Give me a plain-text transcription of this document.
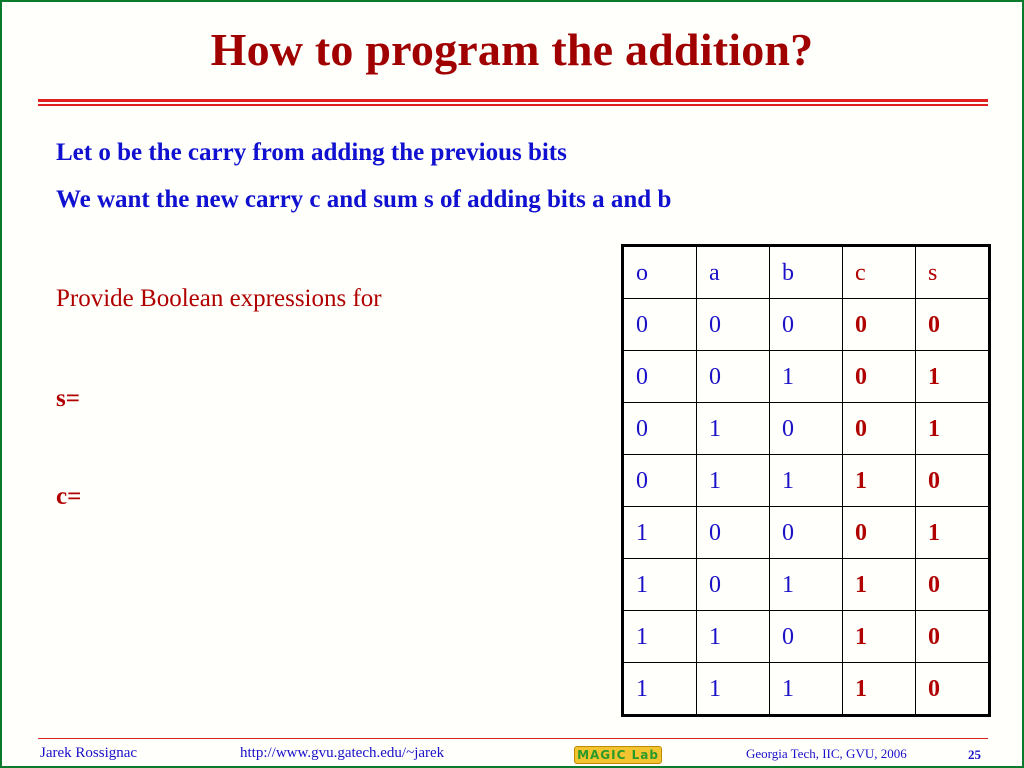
How to program the addition?
Let o be the carry from adding the previous bits
We want the new carry c and sum s of adding bits a and b
Provide Boolean expressions for
s=
c=
o	a	b	c	s
0	0	0	0	0
0	0	1	0	1
0	1	0	0	1
0	1	1	1	0
1	0	0	0	1
1	0	1	1	0
1	1	0	1	0
1	1	1	1	0
Jarek Rossignac	http://www.gvu.gatech.edu/~jarek	MAGIC Lab	Georgia Tech, IIC, GVU, 2006	25
